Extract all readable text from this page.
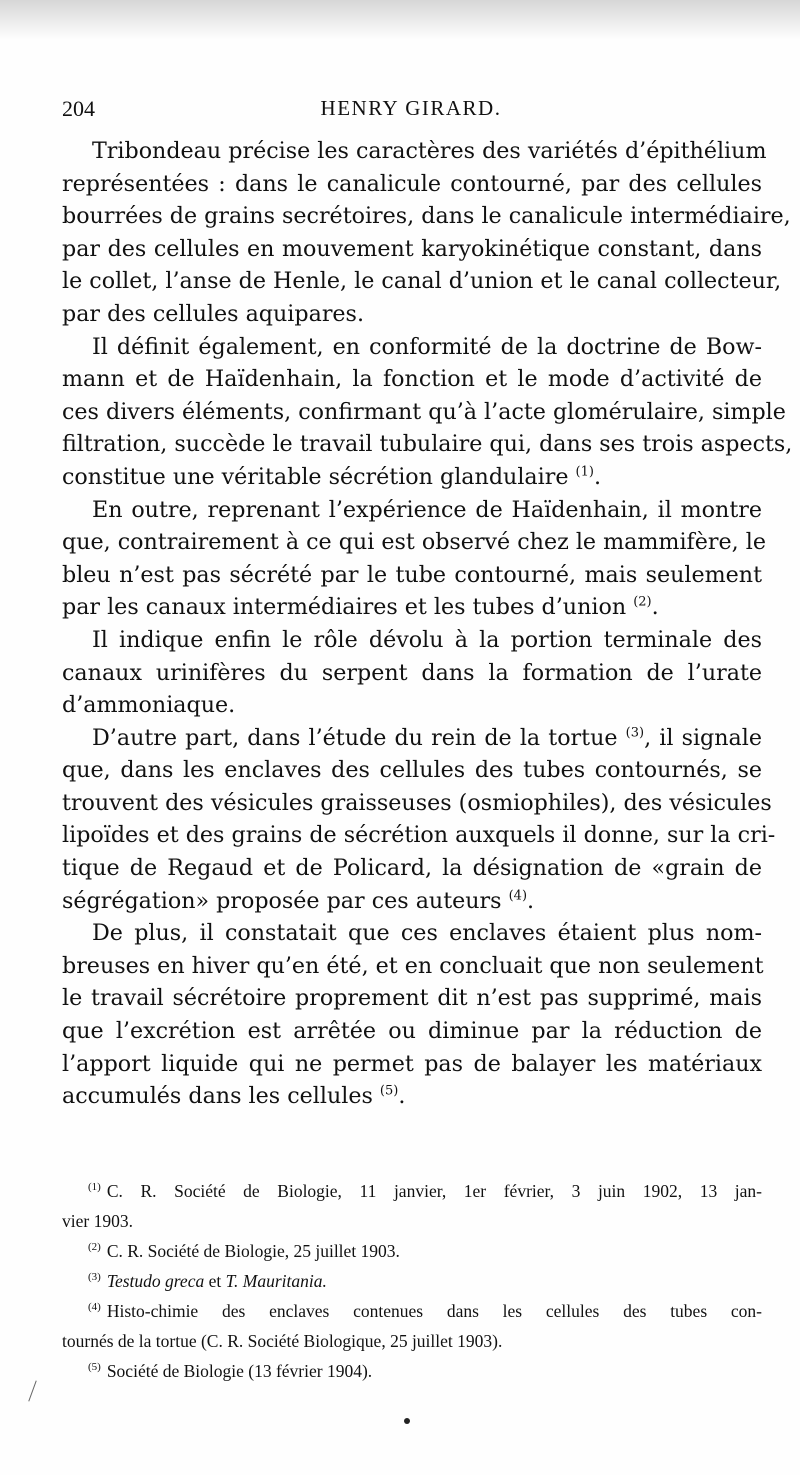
204	HENRY GIRARD.
Tribondeau précise les caractères des variétés d’épithélium
représentées : dans le canalicule contourné, par des cellules
bourrées de grains secrétoires, dans le canalicule intermédiaire,
par des cellules en mouvement karyokinétique constant, dans
le collet, l’anse de Henle, le canal d’union et le canal collecteur,
par des cellules aquipares.
Il définit également, en conformité de la doctrine de Bow-
mann et de Haïdenhain, la fonction et le mode d’activité de
ces divers éléments, confirmant qu’à l’acte glomérulaire, simple
filtration, succède le travail tubulaire qui, dans ses trois aspects,
constitue une véritable sécrétion glandulaire $^{(1)}$.
En outre, reprenant l’expérience de Haïdenhain, il montre
que, contrairement à ce qui est observé chez le mammifère, le
bleu n’est pas sécrété par le tube contourné, mais seulement
par les canaux intermédiaires et les tubes d’union $^{(2)}$.
Il indique enfin le rôle dévolu à la portion terminale des
canaux urinifères du serpent dans la formation de l’urate
d’ammoniaque.
D’autre part, dans l’étude du rein de la tortue $^{(3)}$, il signale
que, dans les enclaves des cellules des tubes contournés, se
trouvent des vésicules graisseuses (osmiophiles), des vésicules
lipoïdes et des grains de sécrétion auxquels il donne, sur la cri-
tique de Regaud et de Policard, la désignation de «grain de
ségrégation» proposée par ces auteurs $^{(4)}$.
De plus, il constatait que ces enclaves étaient plus nom-
breuses en hiver qu’en été, et en concluait que non seulement
le travail sécrétoire proprement dit n’est pas supprimé, mais
que l’excrétion est arrêtée ou diminue par la réduction de
l’apport liquide qui ne permet pas de balayer les matériaux
accumulés dans les cellules $^{(5)}$.
$^{(1)}$ C. R. Société de Biologie, 11 janvier, 1er février, 3 juin 1902, 13 jan-
vier 1903.
$^{(2)}$ C. R. Société de Biologie, 25 juillet 1903.
$^{(3)}$ Testudo greca et T. Mauritania.
$^{(4)}$ Histo-chimie des enclaves contenues dans les cellules des tubes con-
tournés de la tortue (C. R. Société Biologique, 25 juillet 1903).
$^{(5)}$ Société de Biologie (13 février 1904).
